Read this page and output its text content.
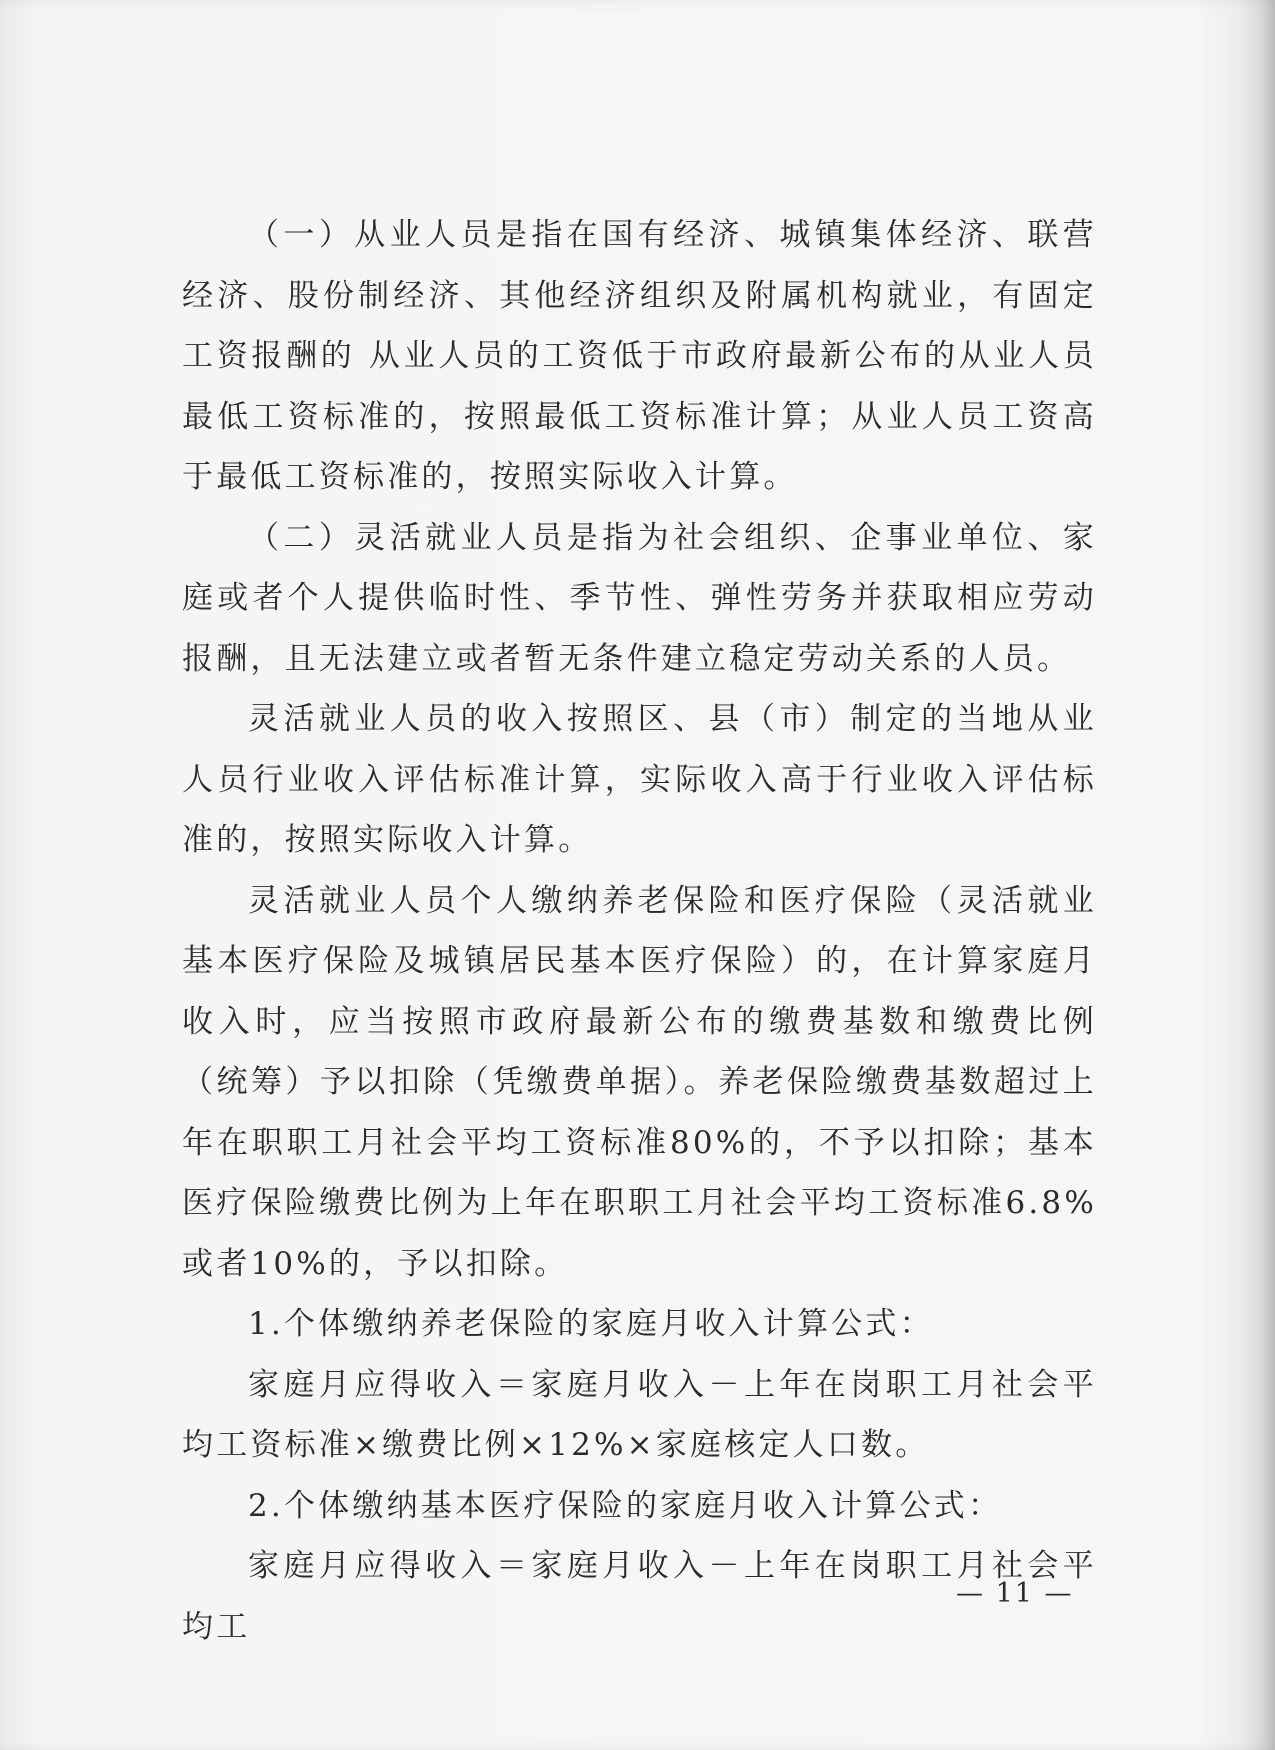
（一）从业人员是指在国有经济、城镇集体经济、联营经济、股份制经济、其他经济组织及附属机构就业，有固定工资报酬的 从业人员的工资低于市政府最新公布的从业人员最低工资标准的，按照最低工资标准计算；从业人员工资高于最低工资标准的，按照实际收入计算。

（二）灵活就业人员是指为社会组织、企事业单位、家庭或者个人提供临时性、季节性、弹性劳务并获取相应劳动报酬，且无法建立或者暂无条件建立稳定劳动关系的人员。

灵活就业人员的收入按照区、县（市）制定的当地从业人员行业收入评估标准计算，实际收入高于行业收入评估标准的，按照实际收入计算。

灵活就业人员个人缴纳养老保险和医疗保险（灵活就业基本医疗保险及城镇居民基本医疗保险）的，在计算家庭月收入时，应当按照市政府最新公布的缴费基数和缴费比例（统筹）予以扣除（凭缴费单据）。养老保险缴费基数超过上年在职职工月社会平均工资标准80%的，不予以扣除；基本医疗保险缴费比例为上年在职职工月社会平均工资标准6.8%或者10%的，予以扣除。

1.个体缴纳养老保险的家庭月收入计算公式：

家庭月应得收入＝家庭月收入－上年在岗职工月社会平均工资标准×缴费比例×12%×家庭核定人口数。

2.个体缴纳基本医疗保险的家庭月收入计算公式：

家庭月应得收入＝家庭月收入－上年在岗职工月社会平均工

— 11 —
